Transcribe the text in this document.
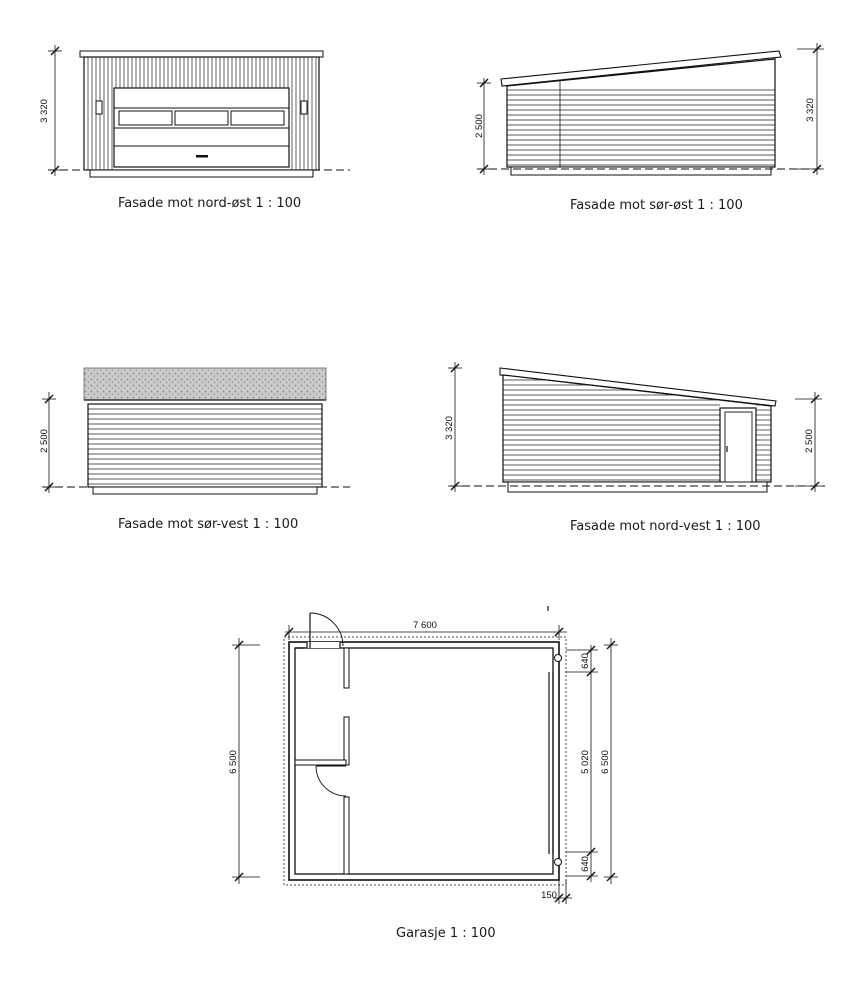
3 320
2 500
3 320
2 500
3 320
2 500
7 600
6 500
640
5 020
640
6 500
150
Fasade mot nord-øst 1 : 100	Fasade mot sør-øst 1 : 100
Fasade mot sør-vest 1 : 100	Fasade mot nord-vest 1 : 100
Garasje 1 : 100
